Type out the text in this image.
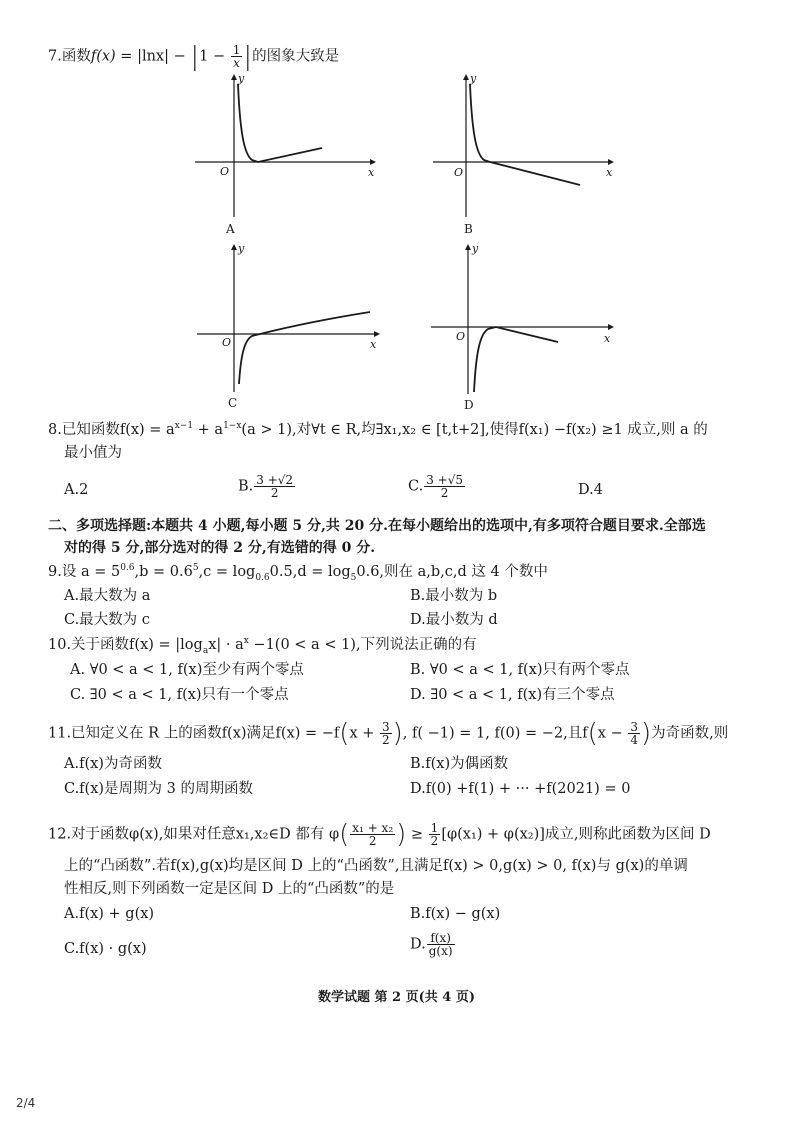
7.函数$f(x) = |\ln x| - |1 - \frac{1}{x}$ |的图象大致是
y
x
O
A
y
x
O
B
y
x
O
C
y
x
O
D
8.已知函数$f(x) = a^{x-1} + a^{1-x}(a > 1)$,对∀t ∈ R,均∃x₁,x₂ ∈ [t,t+2],使得f(x₁) −f(x₂) ≥1 成立,则 a 的
最小值为
A.2	B. $\frac{3 +√2}{2}$	C. $\frac{3 +√5}{2}$	D.4
二、多项选择题:本题共 4 小题,每小题 5 分,共 20 分.在每小题给出的选项中,有多项符合题目要求.全部选
对的得 5 分,部分选对的得 2 分,有选错的得 0 分.
9.设 $a = 5^{0.6},b = 0.6^5,c = \log_{0.6}0.5,d = \log_50.6$,则在 a,b,c,d 这 4 个数中
A.最大数为 a	B.最小数为 b
C.最大数为 c	D.最小数为 d
10.关于函数$f(x) = |\log_ax| \cdot a^x -1(0 < a < 1)$,下列说法正确的有
A. ∀0 < a < 1, f(x)至少有两个零点	B. ∀0 < a < 1, f(x)只有两个零点
C. ∃0 < a < 1, f(x)只有一个零点	D. ∃0 < a < 1, f(x)有三个零点
11.已知定义在 R 上的函数f(x)满足$f(x) = -f(x + \frac{3}{2}$ ), f( −1) = 1, f(0) = −2,且$f(x - \frac{3}{4}$ )为奇函数,则
A.f(x)为奇函数	B.f(x)为偶函数
C.f(x)是周期为 3 的周期函数	D.f(0) +f(1) + ··· +f(2021) = 0
12.对于函数φ(x),如果对任意x₁,x₂∈D 都有 $\varphi( \frac{\text{x₁ + x₂}}{2}$ ) ≥ $\frac{1}{2} [\varphi(x_1) + \varphi(x_2)]$成立,则称此函数为区间 D
上的“凸函数”.若f(x),g(x)均是区间 D 上的“凸函数”,且满足f(x) > 0,g(x) > 0, f(x)与 g(x)的单调
性相反,则下列函数一定是区间 D 上的“凸函数”的是
A.f(x) + g(x)	B.f(x) − g(x)
C.f(x) · g(x)	D. $\frac{f(x)}{g(x)}$
数学试题 第 2 页(共 4 页)
2/4
